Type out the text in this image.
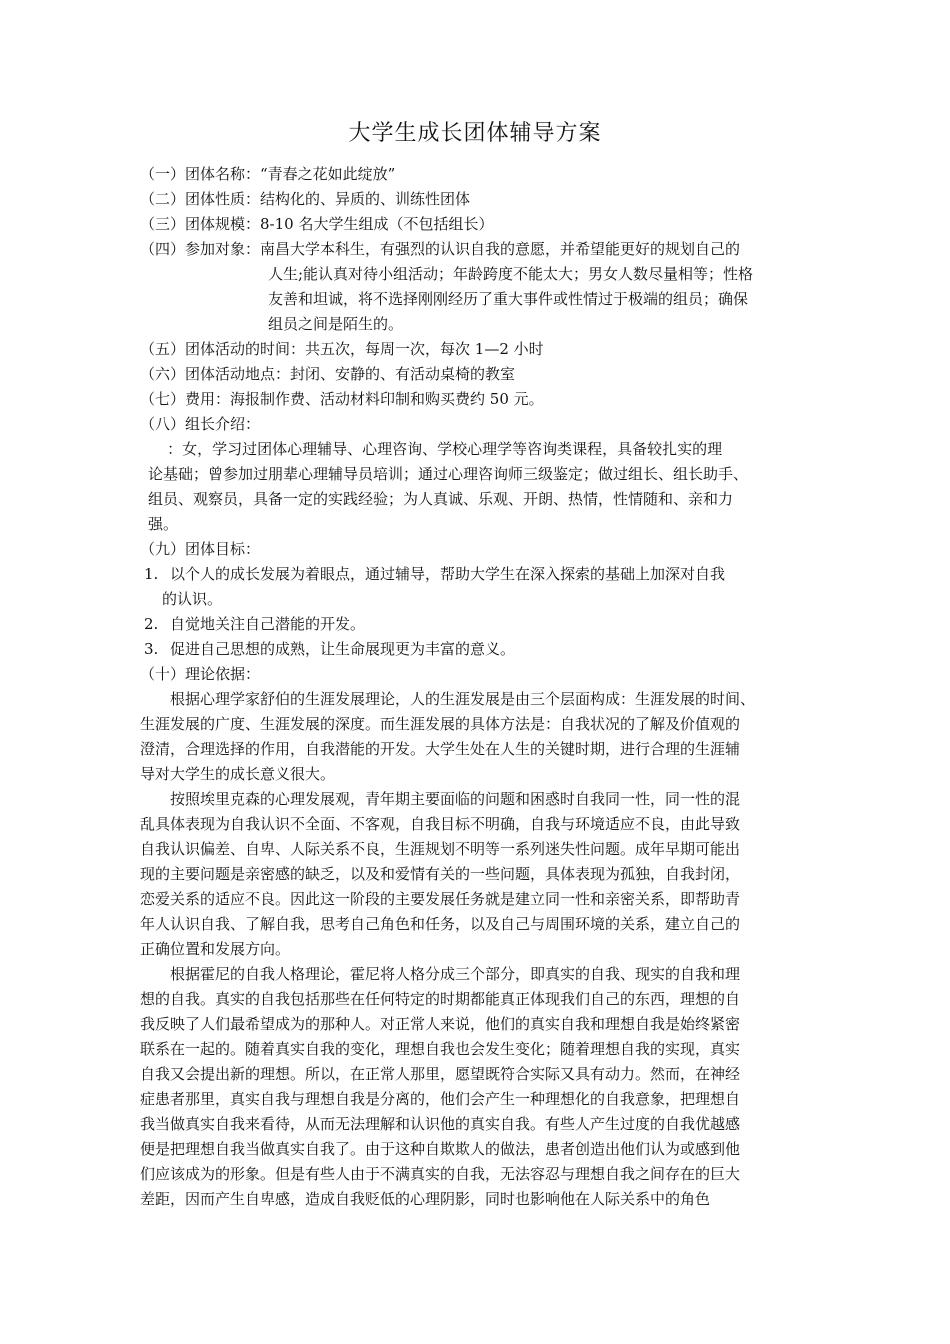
大学生成长团体辅导方案
（一）团体名称：“青春之花如此绽放”
（二）团体性质：结构化的、异质的、训练性团体
（三）团体规模：8-10 名大学生组成（不包括组长）
（四）参加对象：南昌大学本科生，有强烈的认识自我的意愿，并希望能更好的规划自己的
人生;能认真对待小组活动；年龄跨度不能太大；男女人数尽量相等；性格
友善和坦诚，将不选择刚刚经历了重大事件或性情过于极端的组员；确保
组员之间是陌生的。
（五）团体活动的时间：共五次，每周一次，每次 1—2 小时
（六）团体活动地点：封闭、安静的、有活动桌椅的教室
（七）费用：海报制作费、活动材料印制和购买费约 50 元。
（八）组长介绍：
：女，学习过团体心理辅导、心理咨询、学校心理学等咨询类课程，具备较扎实的理
论基础；曾参加过朋辈心理辅导员培训；通过心理咨询师三级鉴定；做过组长、组长助手、
组员、观察员，具备一定的实践经验；为人真诚、乐观、开朗、热情，性情随和、亲和力
强。
（九）团体目标：
1. 以个人的成长发展为着眼点，通过辅导，帮助大学生在深入探索的基础上加深对自我
的认识。
2. 自觉地关注自己潜能的开发。
3. 促进自己思想的成熟，让生命展现更为丰富的意义。
（十）理论依据：
　　根据心理学家舒伯的生涯发展理论，人的生涯发展是由三个层面构成：生涯发展的时间、
生涯发展的广度、生涯发展的深度。而生涯发展的具体方法是：自我状况的了解及价值观的
澄清，合理选择的作用，自我潜能的开发。大学生处在人生的关键时期，进行合理的生涯辅
导对大学生的成长意义很大。
　　按照埃里克森的心理发展观，青年期主要面临的问题和困惑时自我同一性，同一性的混
乱具体表现为自我认识不全面、不客观，自我目标不明确，自我与环境适应不良，由此导致
自我认识偏差、自卑、人际关系不良，生涯规划不明等一系列迷失性问题。成年早期可能出
现的主要问题是亲密感的缺乏，以及和爱情有关的一些问题，具体表现为孤独，自我封闭，
恋爱关系的适应不良。因此这一阶段的主要发展任务就是建立同一性和亲密关系，即帮助青
年人认识自我、了解自我，思考自己角色和任务，以及自己与周围环境的关系，建立自己的
正确位置和发展方向。
　　根据霍尼的自我人格理论，霍尼将人格分成三个部分，即真实的自我、现实的自我和理
想的自我。真实的自我包括那些在任何特定的时期都能真正体现我们自己的东西，理想的自
我反映了人们最希望成为的那种人。对正常人来说，他们的真实自我和理想自我是始终紧密
联系在一起的。随着真实自我的变化，理想自我也会发生变化；随着理想自我的实现，真实
自我又会提出新的理想。所以，在正常人那里，愿望既符合实际又具有动力。然而，在神经
症患者那里，真实自我与理想自我是分离的，他们会产生一种理想化的自我意象，把理想自
我当做真实自我来看待，从而无法理解和认识他的真实自我。有些人产生过度的自我优越感
便是把理想自我当做真实自我了。由于这种自欺欺人的做法，患者创造出他们认为或感到他
们应该成为的形象。但是有些人由于不满真实的自我，无法容忍与理想自我之间存在的巨大
差距，因而产生自卑感，造成自我贬低的心理阴影，同时也影响他在人际关系中的角色
